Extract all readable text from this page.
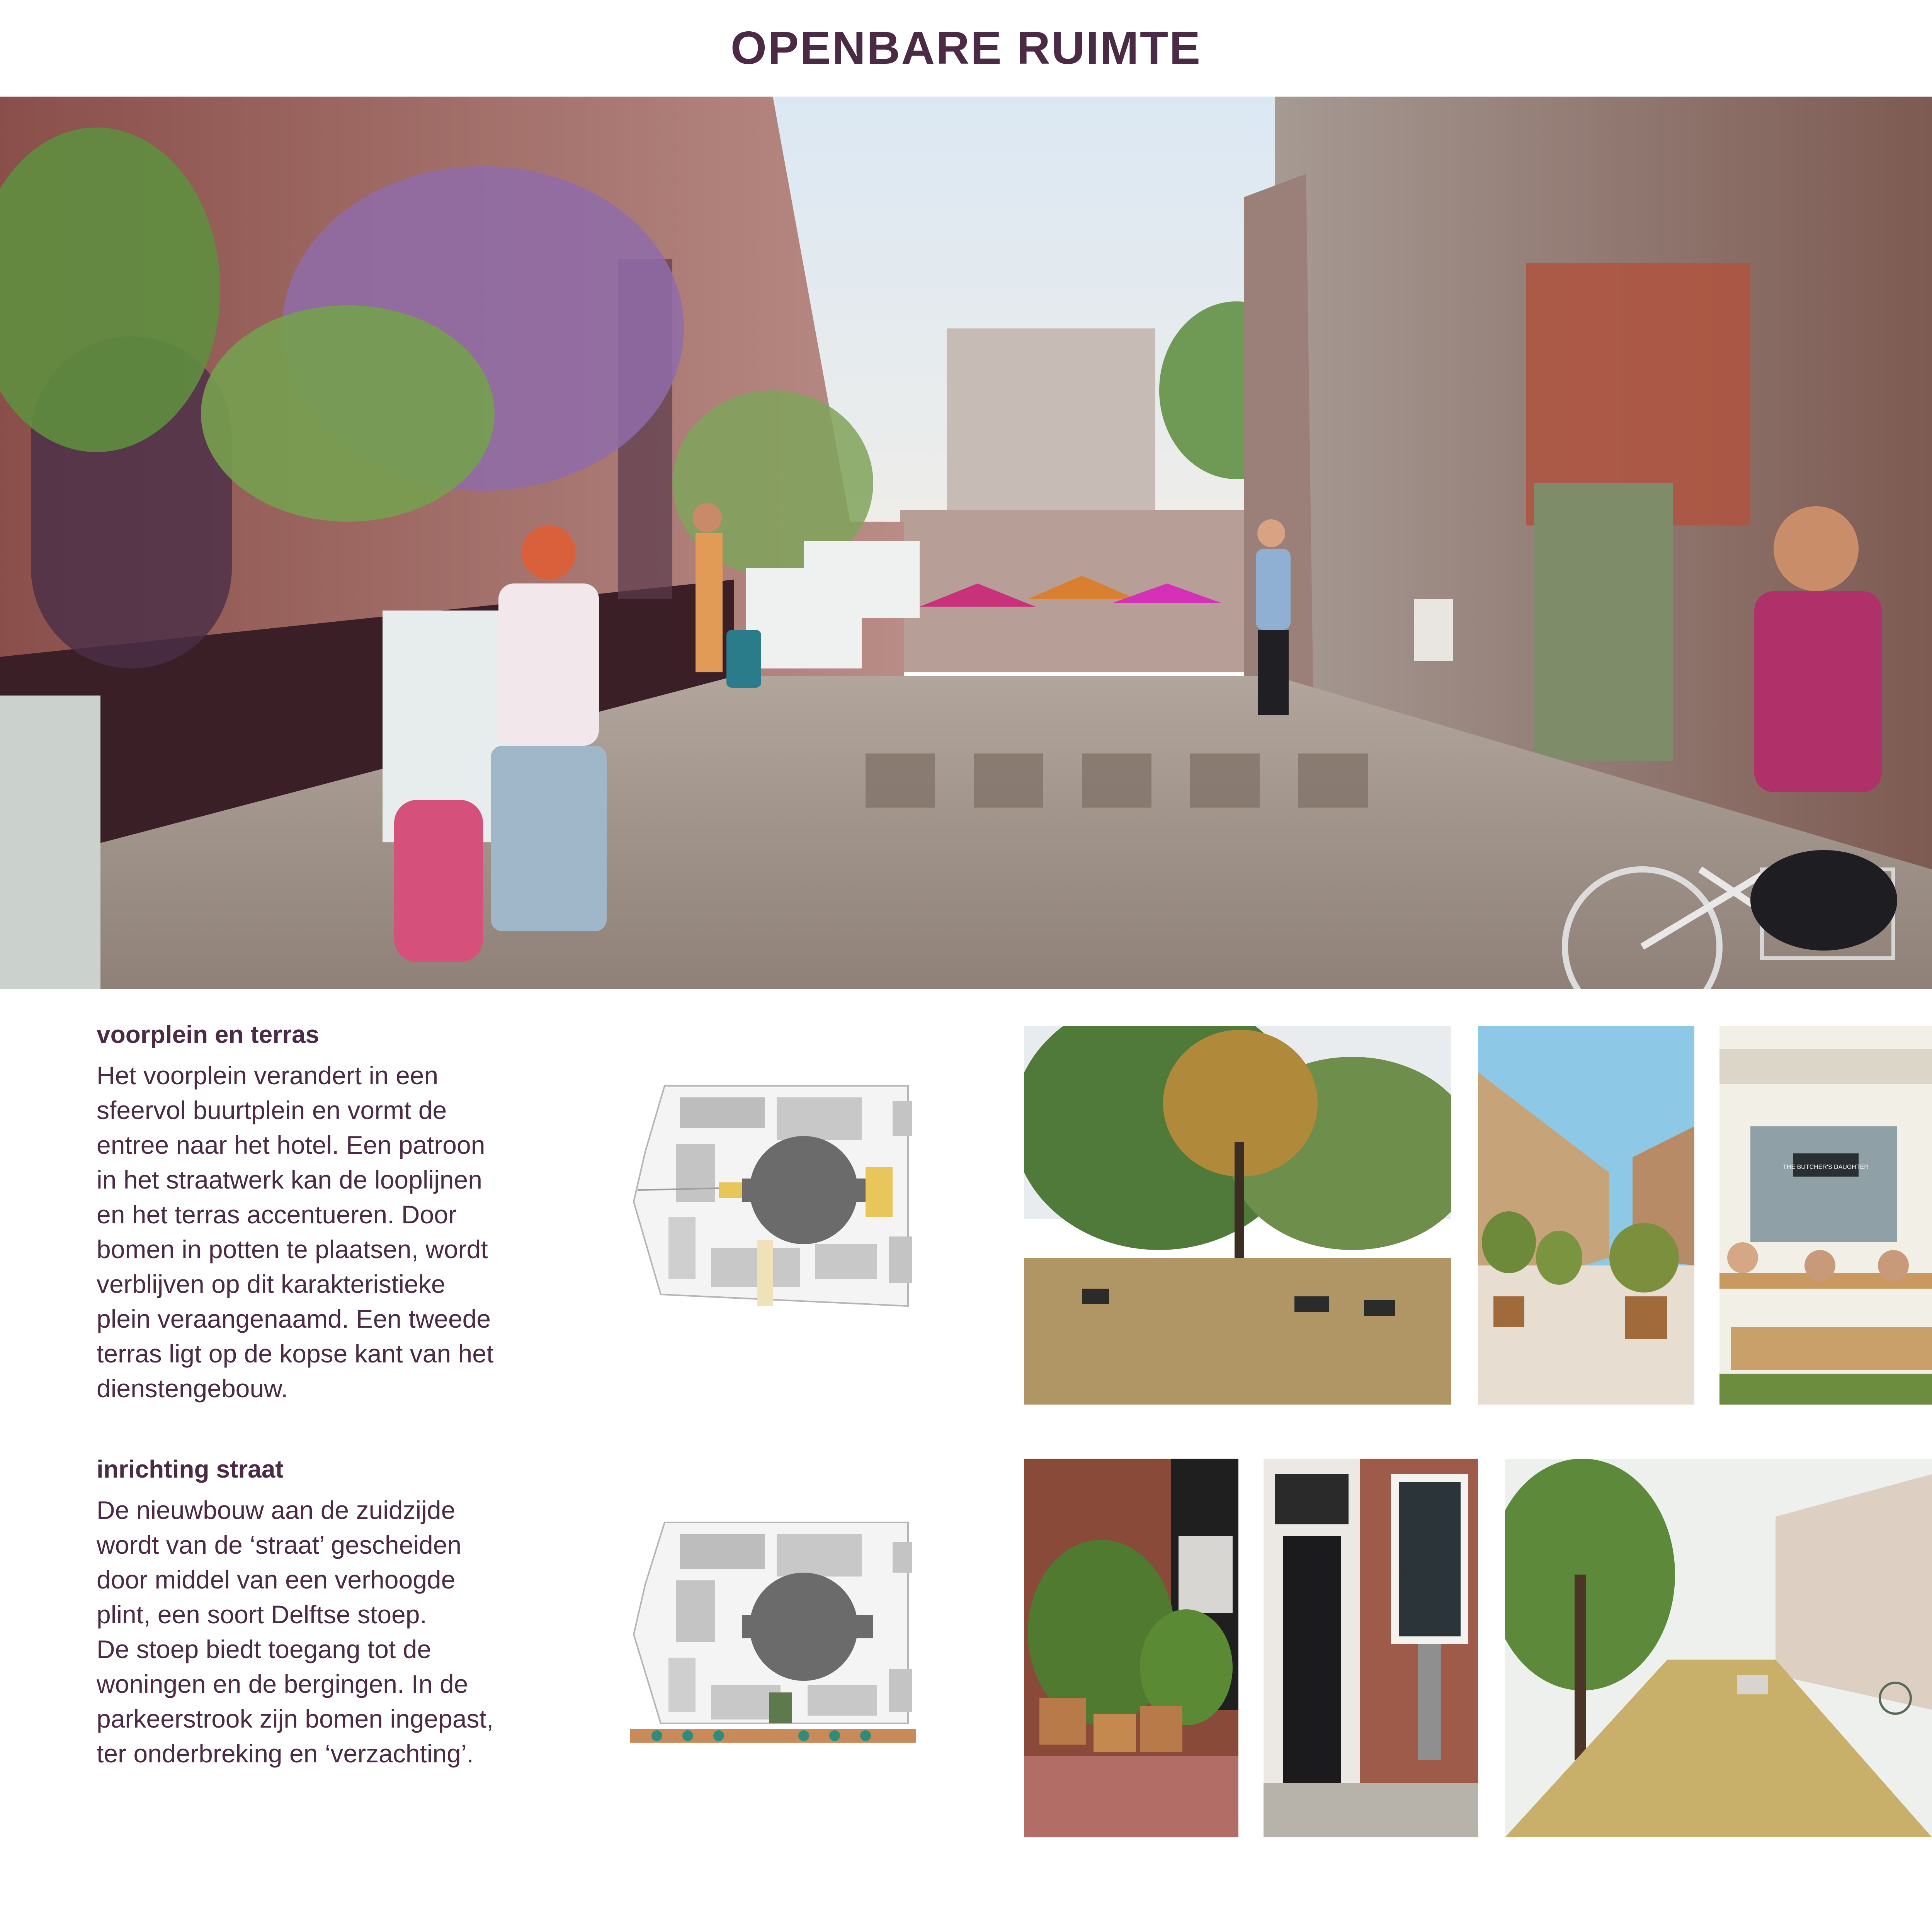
OPENBARE RUIMTE
voorplein en terras

Het voorplein verandert in een
sfeervol buurtplein en vormt de
entree naar het hotel. Een patroon
in het straatwerk kan de looplijnen
en het terras accentueren. Door
bomen in potten te plaatsen, wordt
verblijven op dit karakteristieke
plein veraangenaamd. Een tweede
terras ligt op de kopse kant van het
dienstengebouw.

inrichting straat

De nieuwbouw aan de zuidzijde
wordt van de ‘straat’ gescheiden
door middel van een verhoogde
plint, een soort Delftse stoep.
De stoep biedt toegang tot de
woningen en de bergingen. In de
parkeerstrook zijn bomen ingepast,
ter onderbreking en ‘verzachting’.

THE BUTCHER'S DAUGHTER
2
